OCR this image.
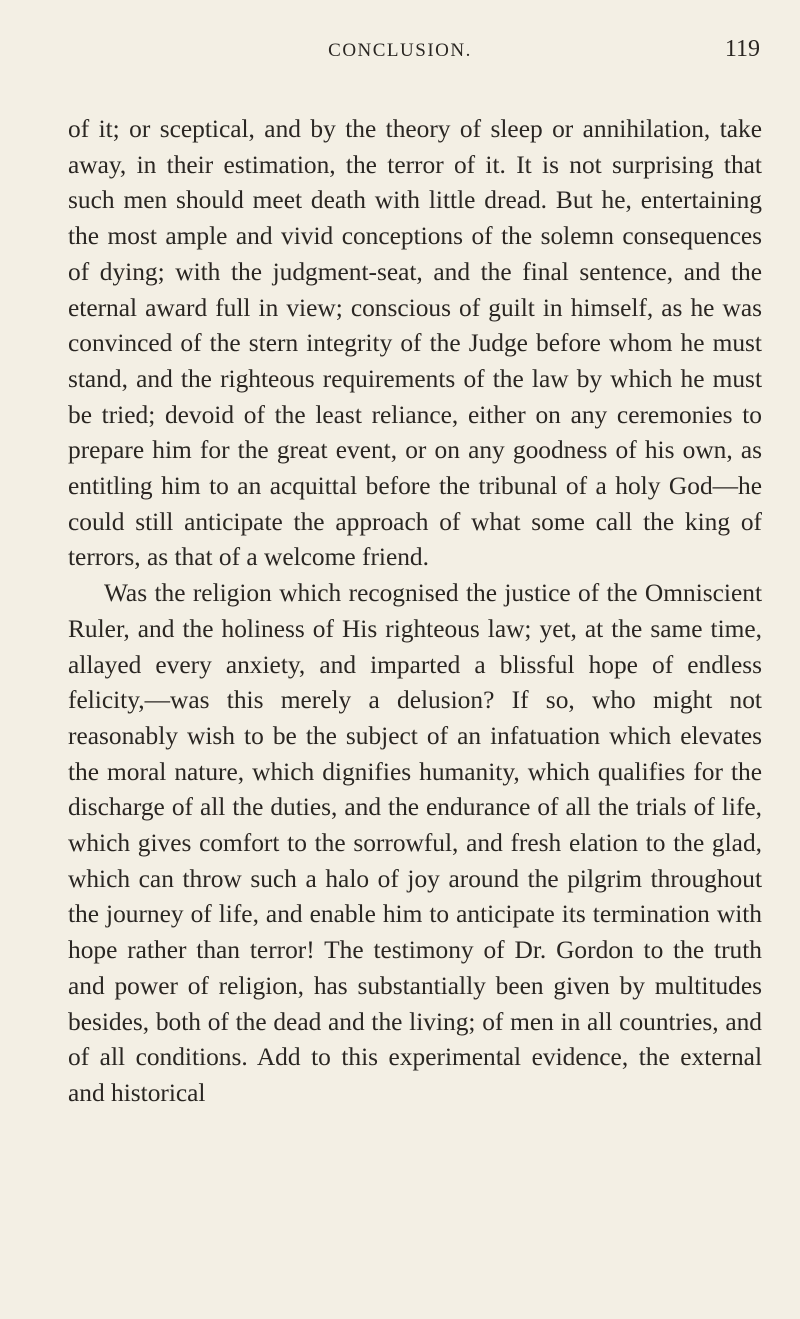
CONCLUSION.	119

of it; or sceptical, and by the theory of sleep or annihilation, take away, in their estimation, the terror of it. It is not surprising that such men should meet death with little dread. But he, entertaining the most ample and vivid conceptions of the solemn consequences of dying; with the judgment-seat, and the final sentence, and the eternal award full in view; conscious of guilt in himself, as he was convinced of the stern integrity of the Judge before whom he must stand, and the righteous requirements of the law by which he must be tried; devoid of the least reliance, either on any ceremonies to prepare him for the great event, or on any goodness of his own, as entitling him to an acquittal before the tribunal of a holy God—he could still anticipate the approach of what some call the king of terrors, as that of a welcome friend.

Was the religion which recognised the justice of the Omniscient Ruler, and the holiness of His righteous law; yet, at the same time, allayed every anxiety, and imparted a blissful hope of endless felicity,—was this merely a delusion? If so, who might not reasonably wish to be the subject of an infatuation which elevates the moral nature, which dignifies humanity, which qualifies for the discharge of all the duties, and the endurance of all the trials of life, which gives comfort to the sorrowful, and fresh elation to the glad, which can throw such a halo of joy around the pilgrim throughout the journey of life, and enable him to anticipate its termination with hope rather than terror! The testimony of Dr. Gordon to the truth and power of religion, has substantially been given by multitudes besides, both of the dead and the living; of men in all countries, and of all conditions. Add to this experimental evidence, the external and historical
